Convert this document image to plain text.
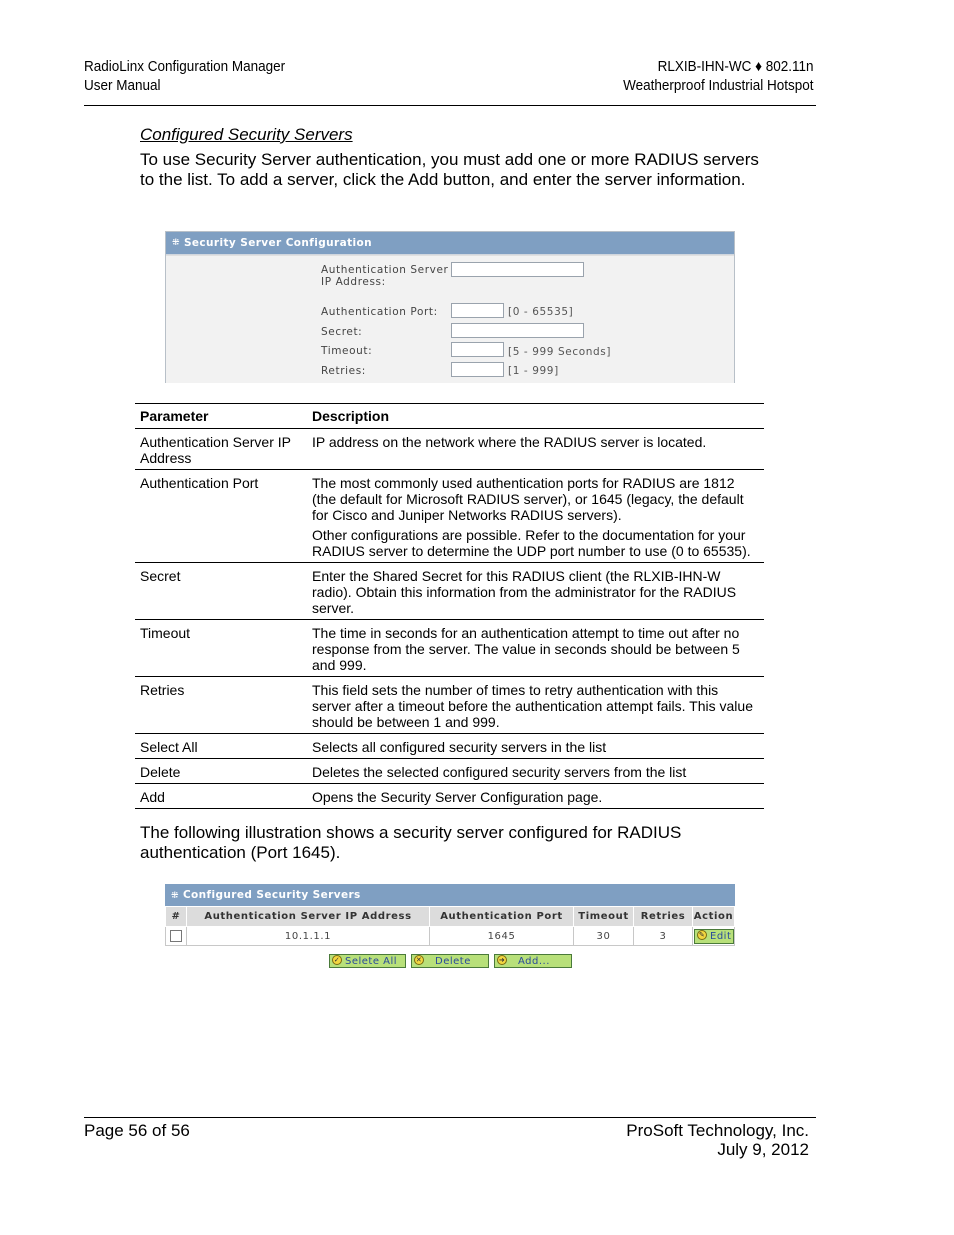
RadioLinx Configuration Manager
User Manual
RLXIB-IHN-WC ♦ 802.11n
Weatherproof Industrial Hotspot
Configured Security Servers
To use Security Server authentication, you must add one or more RADIUS servers to the list. To add a server, click the Add button, and enter the server information.
⁜ Security Server Configuration
Authentication Server IP Address:
Authentication Port:	[0 - 65535]
Secret:
Timeout:	[5 - 999 Seconds]
Retries:	[1 - 999]
Parameter	Description
Authentication Server IP Address	IP address on the network where the RADIUS server is located.

Authentication Port	The most commonly used authentication ports for RADIUS are 1812 (the default for Microsoft RADIUS server), or 1645 (legacy, the default for Cisco and Juniper Networks RADIUS servers).

Other configurations are possible. Refer to the documentation for your RADIUS server to determine the UDP port number to use (0 to 65535).

Secret	Enter the Shared Secret for this RADIUS client (the RLXIB-IHN-W radio). Obtain this information from the administrator for the RADIUS server.

Timeout	The time in seconds for an authentication attempt to time out after no response from the server. The value in seconds should be between 5 and 999.

Retries	This field sets the number of times to retry authentication with this server after a timeout before the authentication attempt fails. This value should be between 1 and 999.

Select All	Selects all configured security servers in the list

Delete	Deletes the selected configured security servers from the list

Add	Opens the Security Server Configuration page.

The following illustration shows a security server configured for RADIUS authentication (Port 1645).
⁜ Configured Security Servers
#	Authentication Server IP Address	Authentication Port	Timeout	Retries	Action
	10.1.1.1	1645	30	3	✎ Edit
✓ Selete All	✕ Delete	➜ Add...
Page 56 of 56	ProSoft Technology, Inc.
July 9, 2012
